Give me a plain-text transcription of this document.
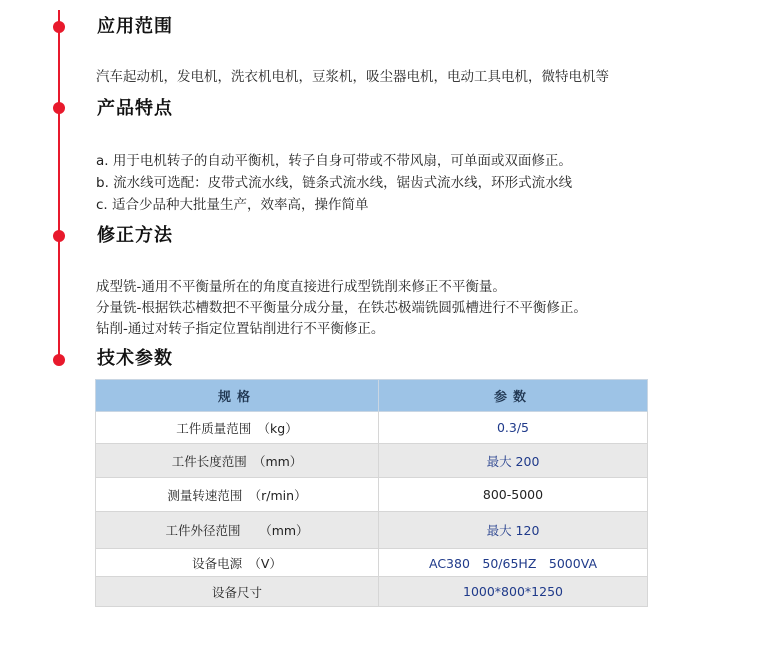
应用范围
汽车起动机，发电机，洗衣机电机，豆浆机，吸尘器电机，电动工具电机，微特电机等
产品特点
a. 用于电机转子的自动平衡机，转子自身可带或不带风扇，可单面或双面修正。
b. 流水线可选配：皮带式流水线，链条式流水线，锯齿式流水线，环形式流水线
c. 适合少品种大批量生产，效率高，操作简单
修正方法
成型铣-通用不平衡量所在的角度直接进行成型铣削来修正不平衡量。
分量铣-根据铁芯槽数把不平衡量分成分量，在铁芯极端铣圆弧槽进行不平衡修正。
钻削-通过对转子指定位置钻削进行不平衡修正。
技术参数
规格	参数
工件质量范围　（kg）	0.3/5
工件长度范围　（mm）	最大 200
测量转速范围　（r/min）	800-5000
工件外径范围　　（mm）	最大 120
设备电源　（V）	AC380　50/65HZ　5000VA
设备尺寸	1000*800*1250
